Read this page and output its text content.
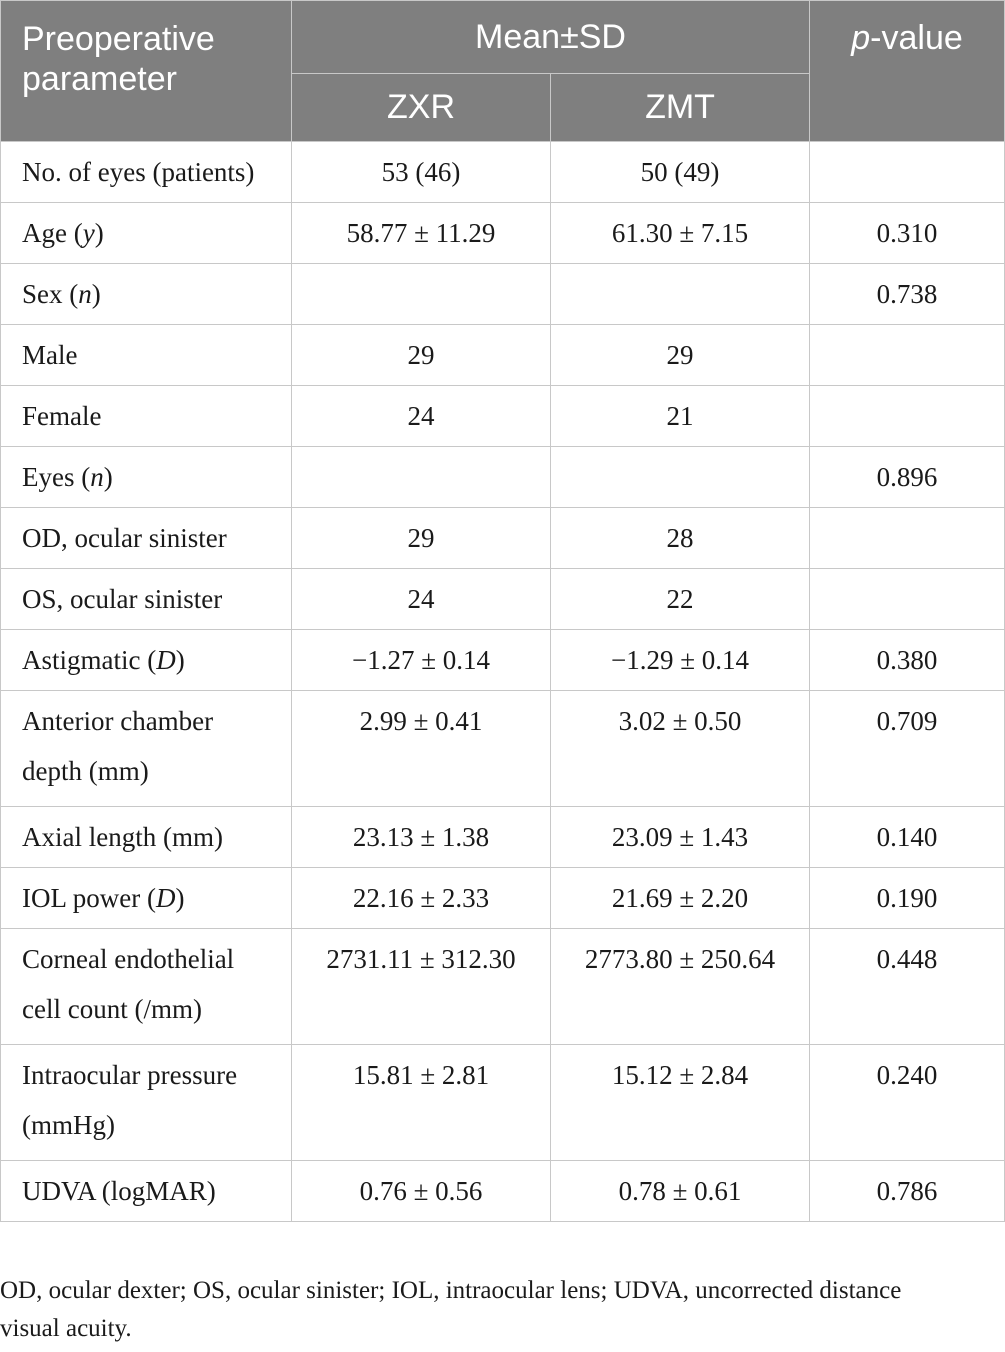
Preoperative
parameter	Mean±SD		p-value
	ZXR	ZMT	
No. of eyes (patients)	53 (46)	50 (49)	
Age (y)	58.77 ± 11.29	61.30 ± 7.15	0.310
Sex (n)			0.738
Male	29	29	
Female	24	21	
Eyes (n)			0.896
OD, ocular sinister	29	28	
OS, ocular sinister	24	22	
Astigmatic (D)	−1.27 ± 0.14	−1.29 ± 0.14	0.380
Anterior chamber
depth (mm)	2.99 ± 0.41	3.02 ± 0.50	0.709
Axial length (mm)	23.13 ± 1.38	23.09 ± 1.43	0.140
IOL power (D)	22.16 ± 2.33	21.69 ± 2.20	0.190
Corneal endothelial
cell count (/mm)	2731.11 ± 312.30	2773.80 ± 250.64	0.448
Intraocular pressure
(mmHg)	15.81 ± 2.81	15.12 ± 2.84	0.240
UDVA (logMAR)	0.76 ± 0.56	0.78 ± 0.61	0.786
OD, ocular dexter; OS, ocular sinister; IOL, intraocular lens; UDVA, uncorrected distance
visual acuity.
